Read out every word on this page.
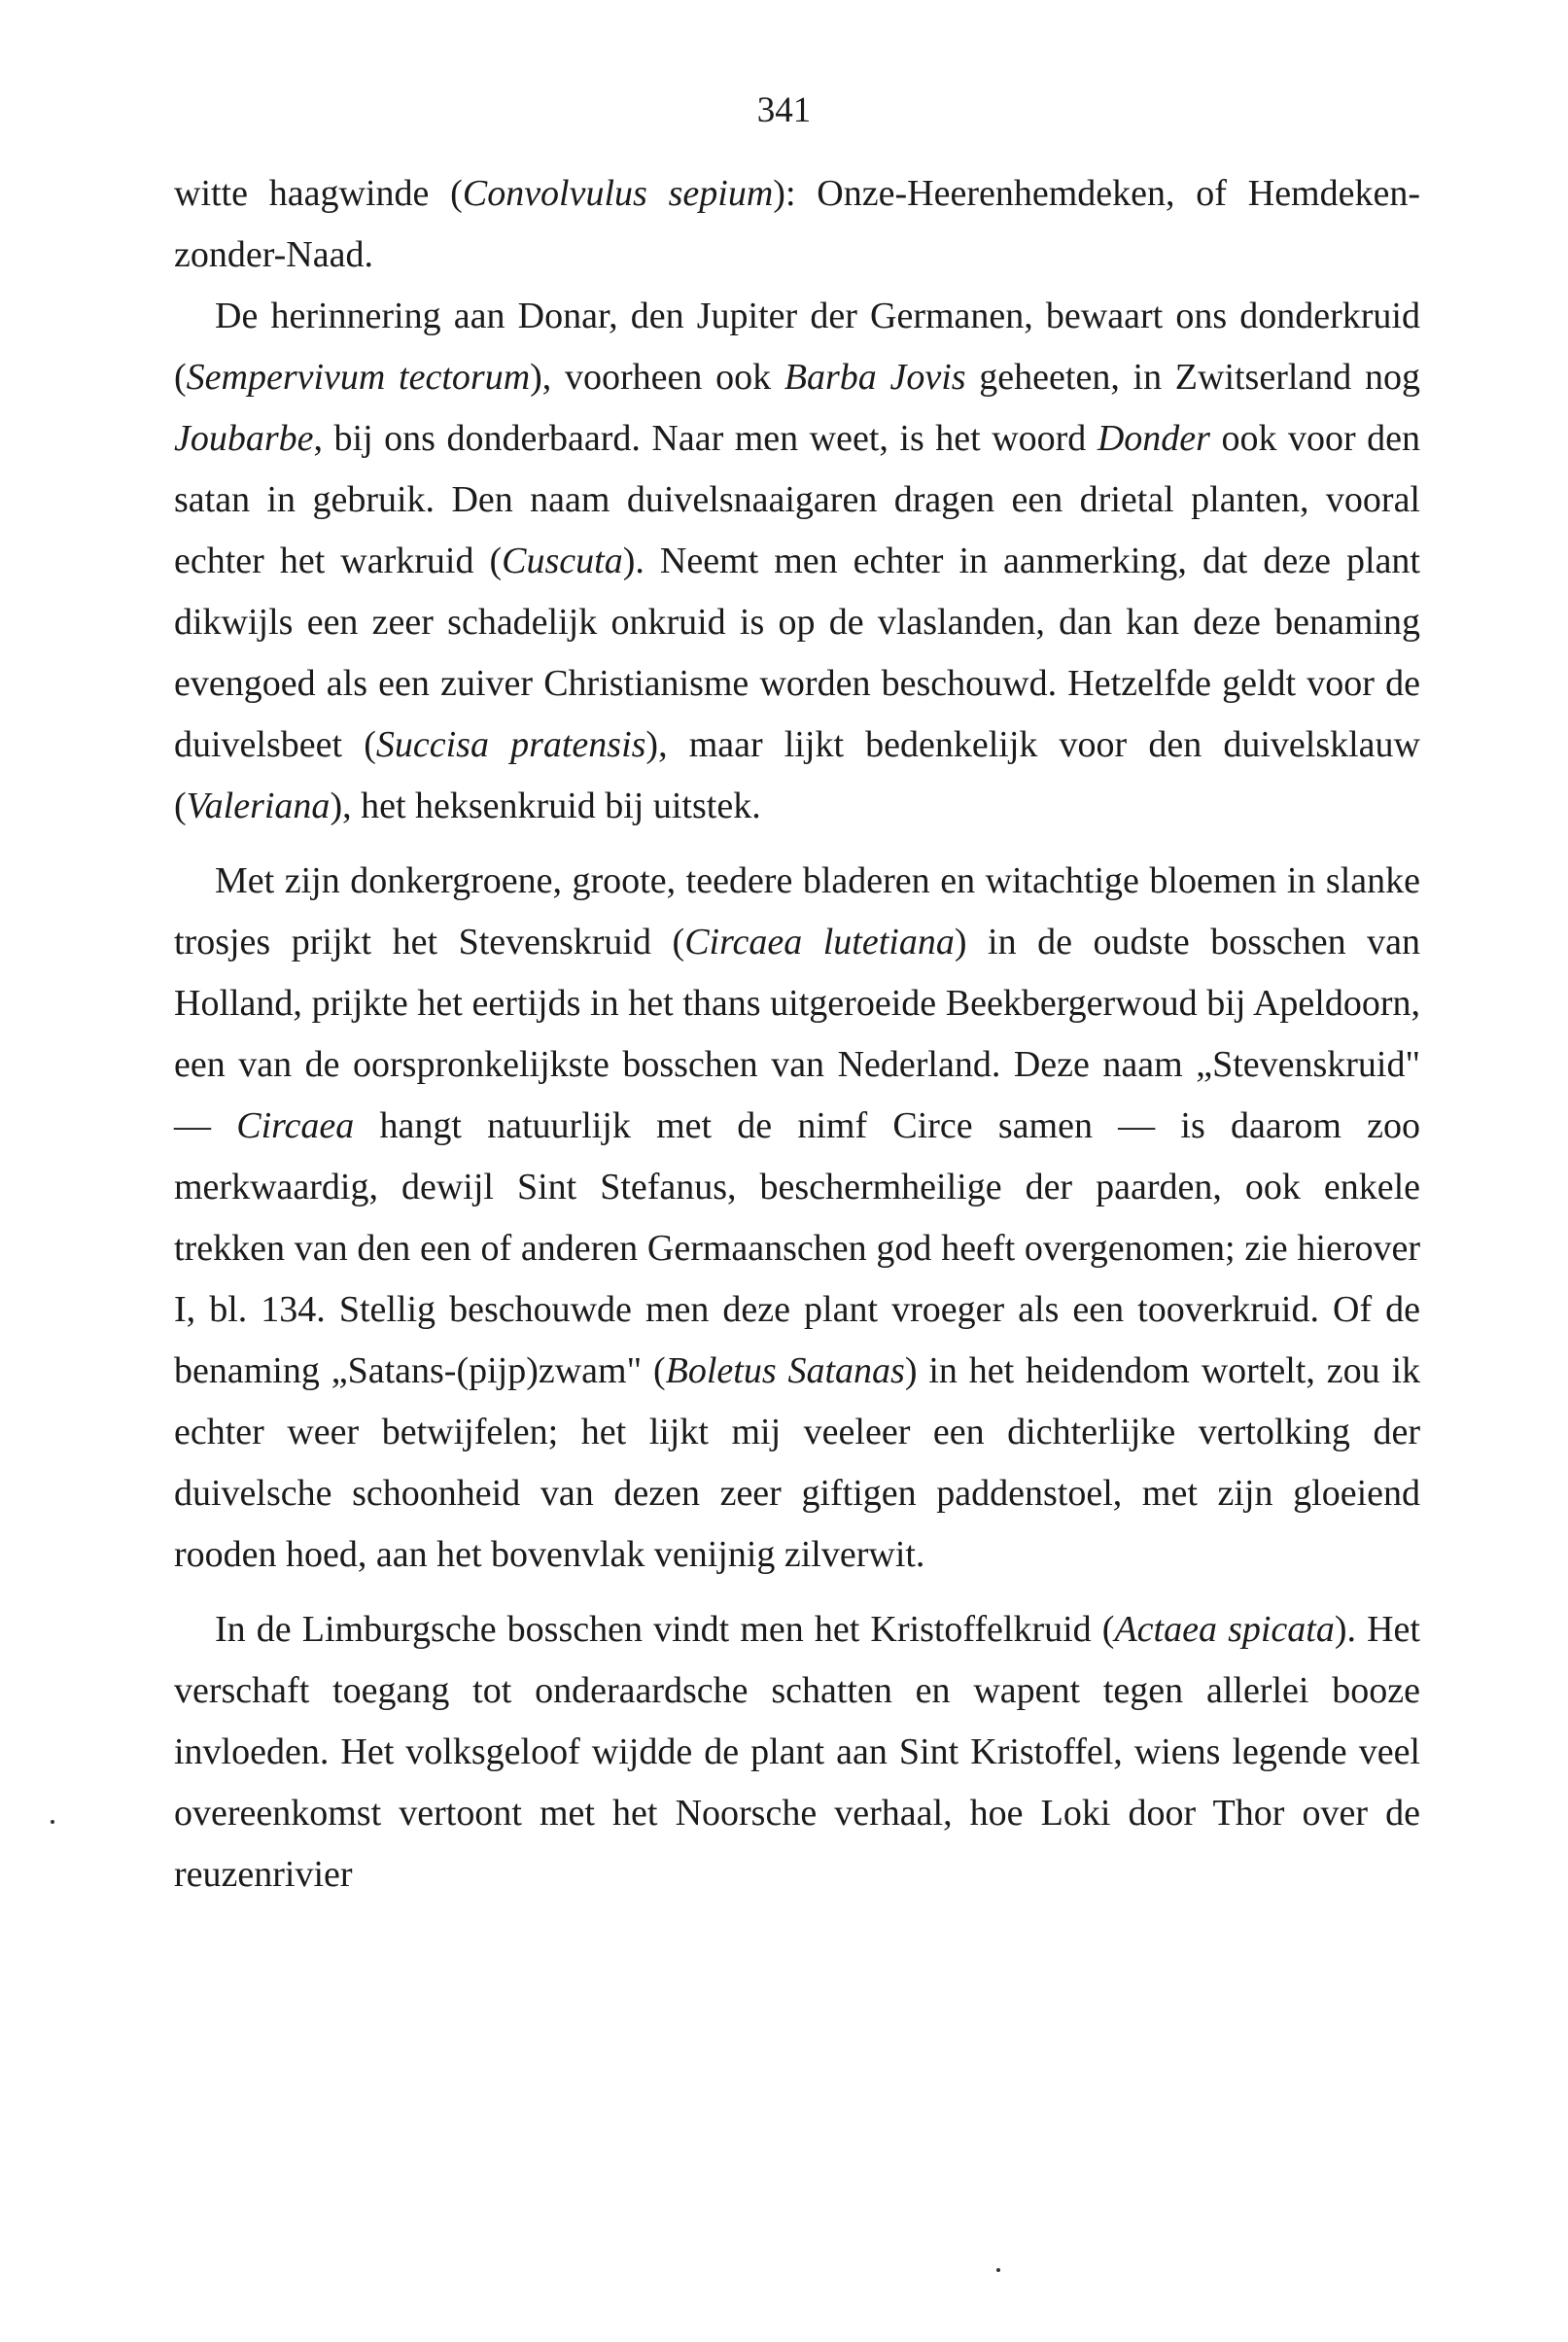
341

witte haagwinde (Convolvulus sepium): Onze-Heerenhemdeken, of Hemdeken-zonder-Naad.

De herinnering aan Donar, den Jupiter der Germanen, bewaart ons donderkruid (Sempervivum tectorum), voorheen ook Barba Jovis geheeten, in Zwitserland nog Joubarbe, bij ons donderbaard. Naar men weet, is het woord Donder ook voor den satan in gebruik. Den naam duivelsnaaigaren dragen een drietal planten, vooral echter het warkruid (Cuscuta). Neemt men echter in aanmerking, dat deze plant dikwijls een zeer schadelijk onkruid is op de vlaslanden, dan kan deze benaming evengoed als een zuiver Christianisme worden beschouwd. Hetzelfde geldt voor de duivelsbeet (Succisa pratensis), maar lijkt bedenkelijk voor den duivelsklauw (Valeriana), het heksenkruid bij uitstek.

Met zijn donkergroene, groote, teedere bladeren en witachtige bloemen in slanke trosjes prijkt het Stevenskruid (Circaea lutetiana) in de oudste bosschen van Holland, prijkte het eertijds in het thans uitgeroeide Beekbergerwoud bij Apeldoorn, een van de oorspronkelijkste bosschen van Nederland. Deze naam „Stevenskruid" — Circaea hangt natuurlijk met de nimf Circe samen — is daarom zoo merkwaardig, dewijl Sint Stefanus, beschermheilige der paarden, ook enkele trekken van den een of anderen Germaanschen god heeft overgenomen; zie hierover I, bl. 134. Stellig beschouwde men deze plant vroeger als een tooverkruid. Of de benaming „Satans-(pijp)zwam" (Boletus Satanas) in het heidendom wortelt, zou ik echter weer betwijfelen; het lijkt mij veeleer een dichterlijke vertolking der duivelsche schoonheid van dezen zeer giftigen paddenstoel, met zijn gloeiend rooden hoed, aan het bovenvlak venijnig zilverwit.

In de Limburgsche bosschen vindt men het Kristoffelkruid (Actaea spicata). Het verschaft toegang tot onderaardsche schatten en wapent tegen allerlei booze invloeden. Het volksgeloof wijdde de plant aan Sint Kristoffel, wiens legende veel overeenkomst vertoont met het Noorsche verhaal, hoe Loki door Thor over de reuzenrivier
